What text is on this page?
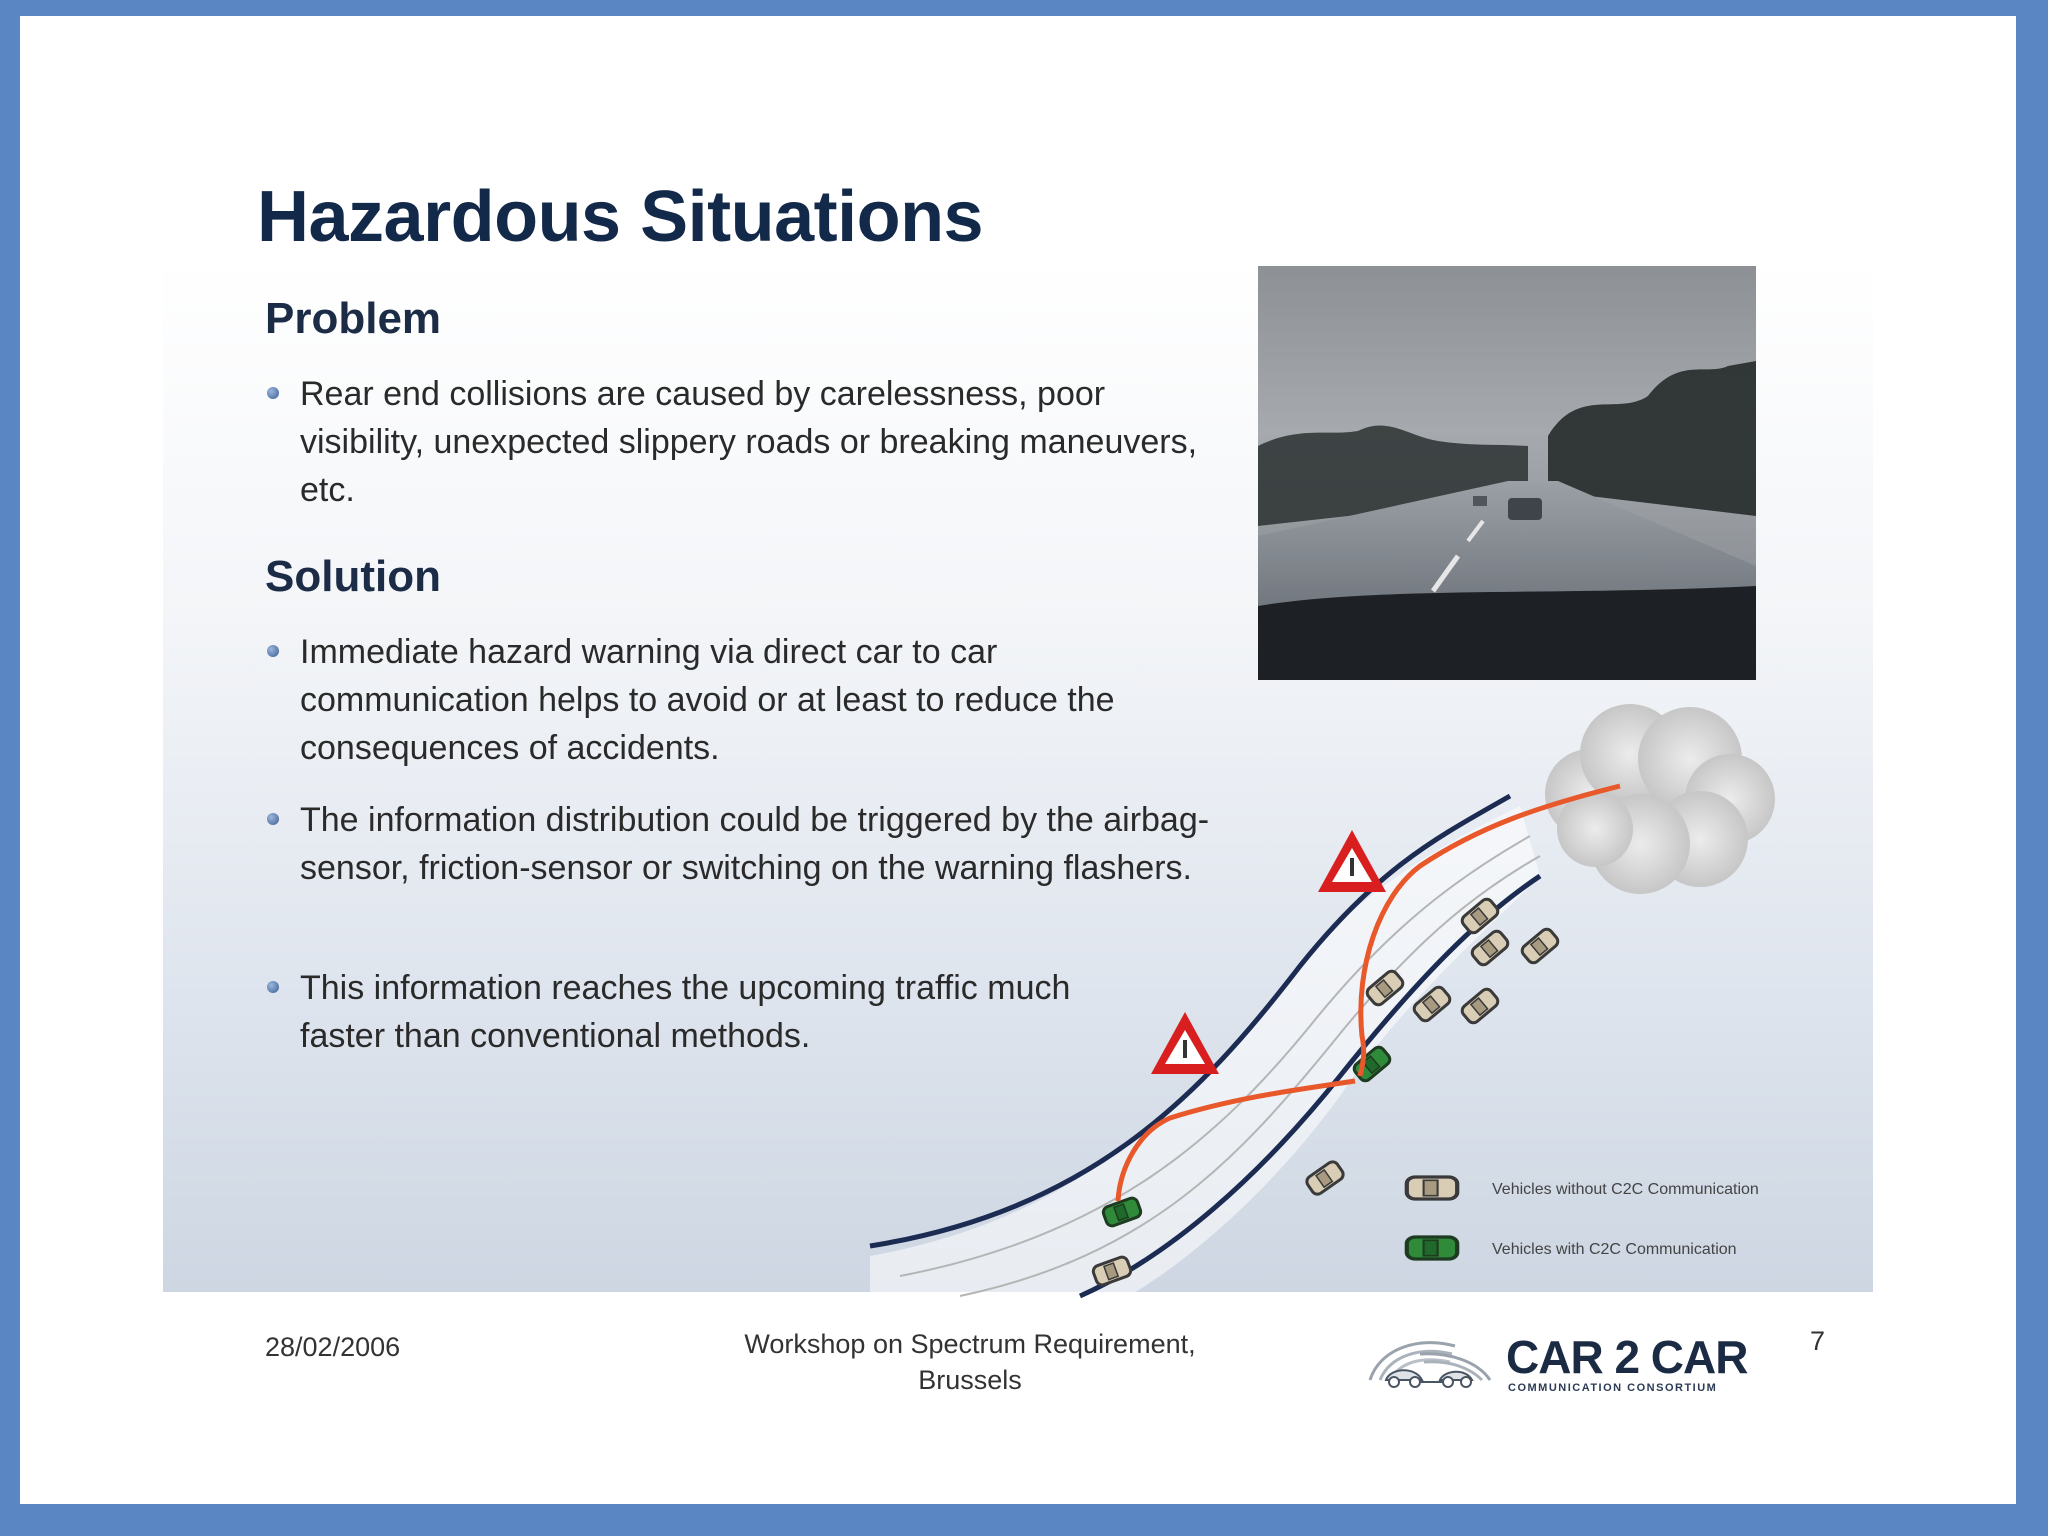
Hazardous Situations
Problem
Rear end collisions are caused by carelessness, poor visibility, unexpected slippery roads or breaking maneuvers, etc.
Solution
Immediate hazard warning via direct car to car communication helps to avoid or at least to reduce the consequences of accidents.
The information distribution could be triggered by the airbag-sensor, friction-sensor or switching on the warning flashers.
This information reaches the upcoming traffic much faster than conventional methods.
Vehicles without C2C Communication
Vehicles with C2C Communication
28/02/2006	Workshop on Spectrum Requirement,
Brussels	CAR 2 CAR
COMMUNICATION CONSORTIUM
7
